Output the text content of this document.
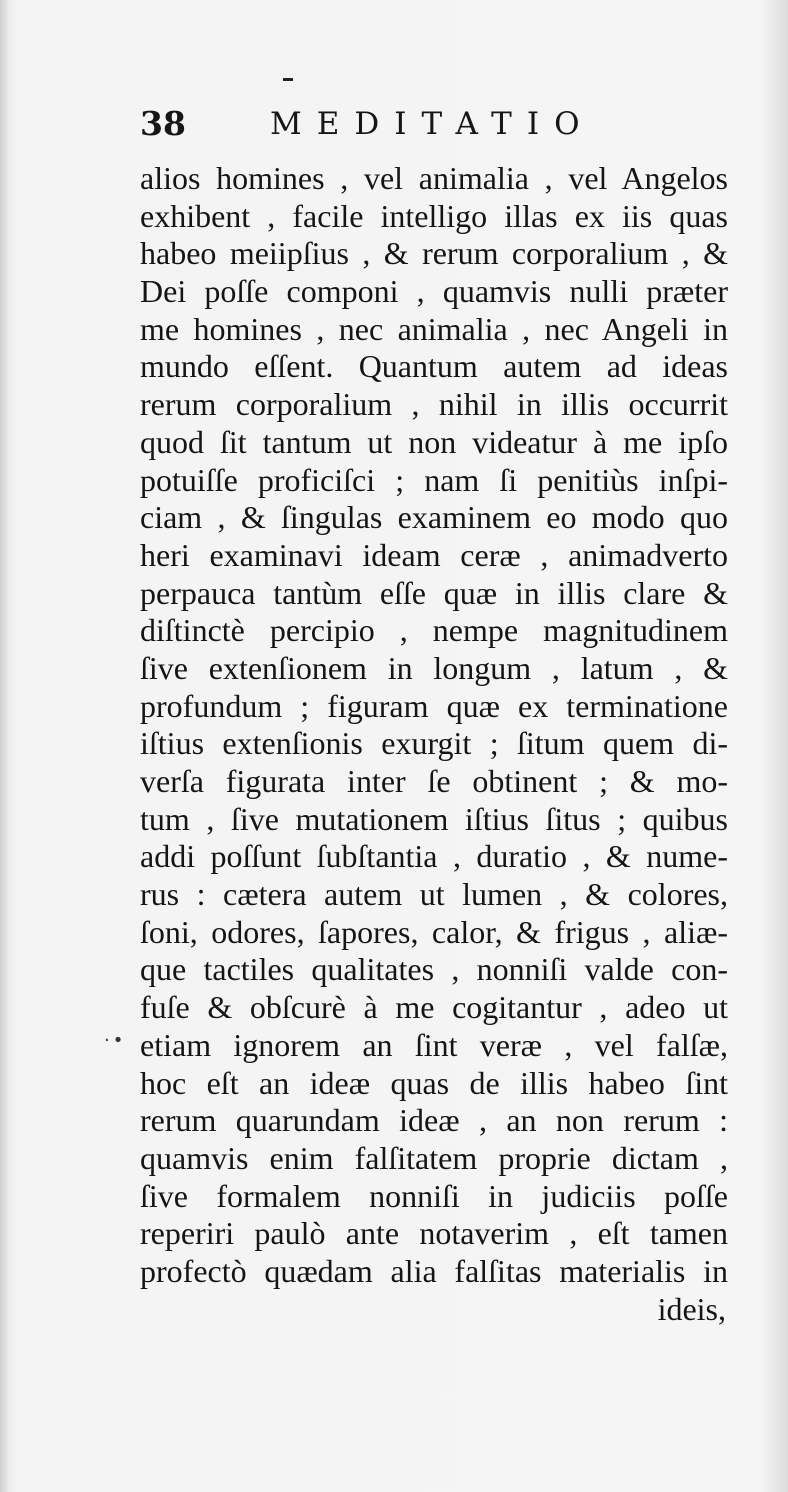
38	MEDITATIO
·•
alios homines , vel animalia , vel Angelos
exhibent , facile intelligo illas ex iis quas
habeo meiipſius , & rerum corporalium , &
Dei poſſe componi , quamvis nulli præter
me homines , nec animalia , nec Angeli in
mundo eſſent. Quantum autem ad ideas
rerum corporalium , nihil in illis occurrit
quod ſit tantum ut non videatur à me ipſo
potuiſſe proficiſci ; nam ſi penitiùs inſpi-
ciam , & ſingulas examinem eo modo quo
heri examinavi ideam ceræ , animadverto
perpauca tantùm eſſe quæ in illis clare &
diſtinctè percipio , nempe magnitudinem
ſive extenſionem in longum , latum , &
profundum ; figuram quæ ex terminatione
iſtius extenſionis exurgit ; ſitum quem di-
verſa figurata inter ſe obtinent ; & mo-
tum , ſive mutationem iſtius ſitus ; quibus
addi poſſunt ſubſtantia , duratio , & nume-
rus : cætera autem ut lumen , & colores,
ſoni, odores, ſapores, calor, & frigus , aliæ-
que tactiles qualitates , nonniſi valde con-
fuſe & obſcurè à me cogitantur , adeo ut
etiam ignorem an ſint veræ , vel falſæ,
hoc eſt an ideæ quas de illis habeo ſint
rerum quarundam ideæ , an non rerum :
quamvis enim falſitatem proprie dictam ,
ſive formalem nonniſi in judiciis poſſe
reperiri paulò ante notaverim , eſt tamen
profectò quædam alia falſitas materialis in
ideis,
